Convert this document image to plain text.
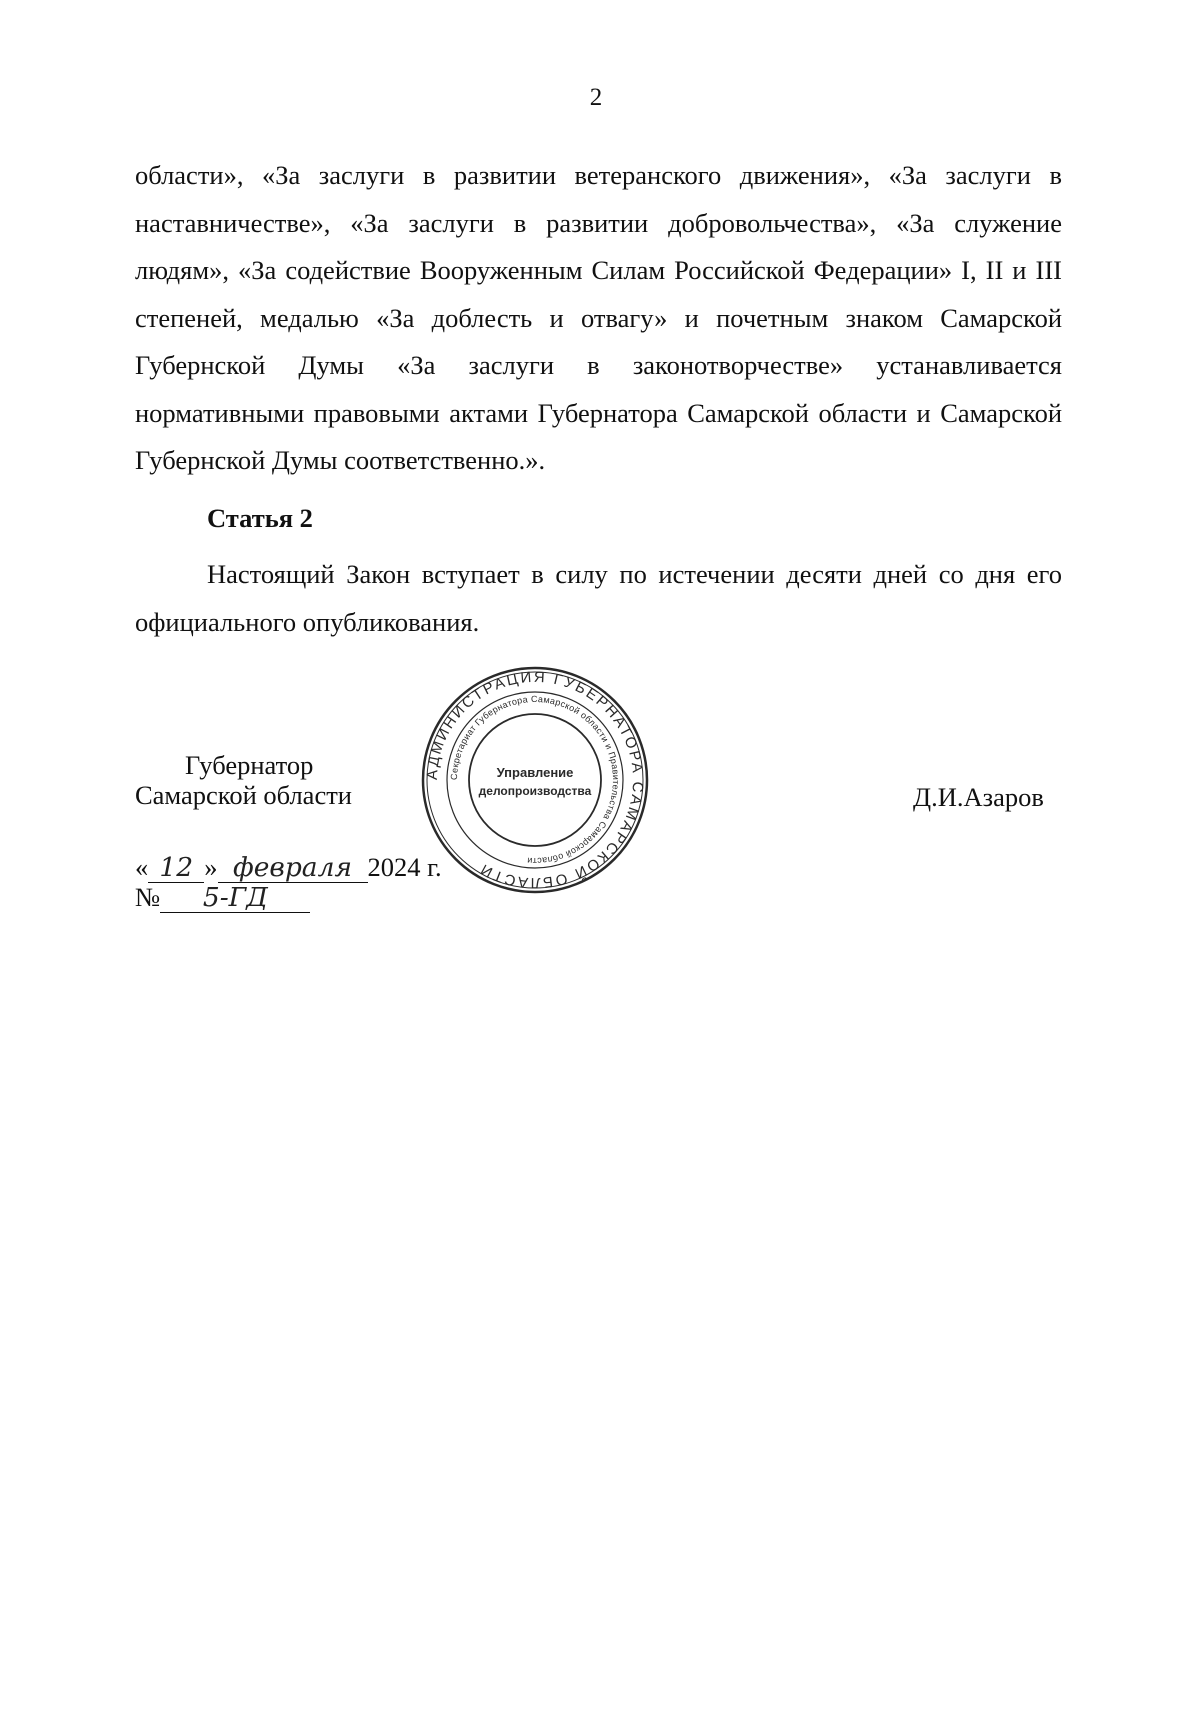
2

области», «За заслуги в развитии ветеранского движения», «За заслуги в наставничестве», «За заслуги в развитии добровольчества», «За служение людям», «За содействие Вооруженным Силам Российской Федерации» I, II и III степеней, медалью «За доблесть и отвагу» и почетным знаком Самарской Губернской Думы «За заслуги в законотворчестве» устанавливается нормативными правовыми актами Губернатора Самарской области и Самарской Губернской Думы соответственно.».

Статья 2

Настоящий Закон вступает в силу по истечении десяти дней со дня его официального опубликования.

Губернатор
Самарской области	Д.И.Азаров
« 12 » февраля 2024 г.
№ 5-ГД
АДМИНИСТРАЦИЯ ГУБЕРНАТОРА САМАРСКОЙ ОБЛАСТИ
Секретариат Губернатора Самарской области и Правительства Самарской области
Управление
делопроизводства
